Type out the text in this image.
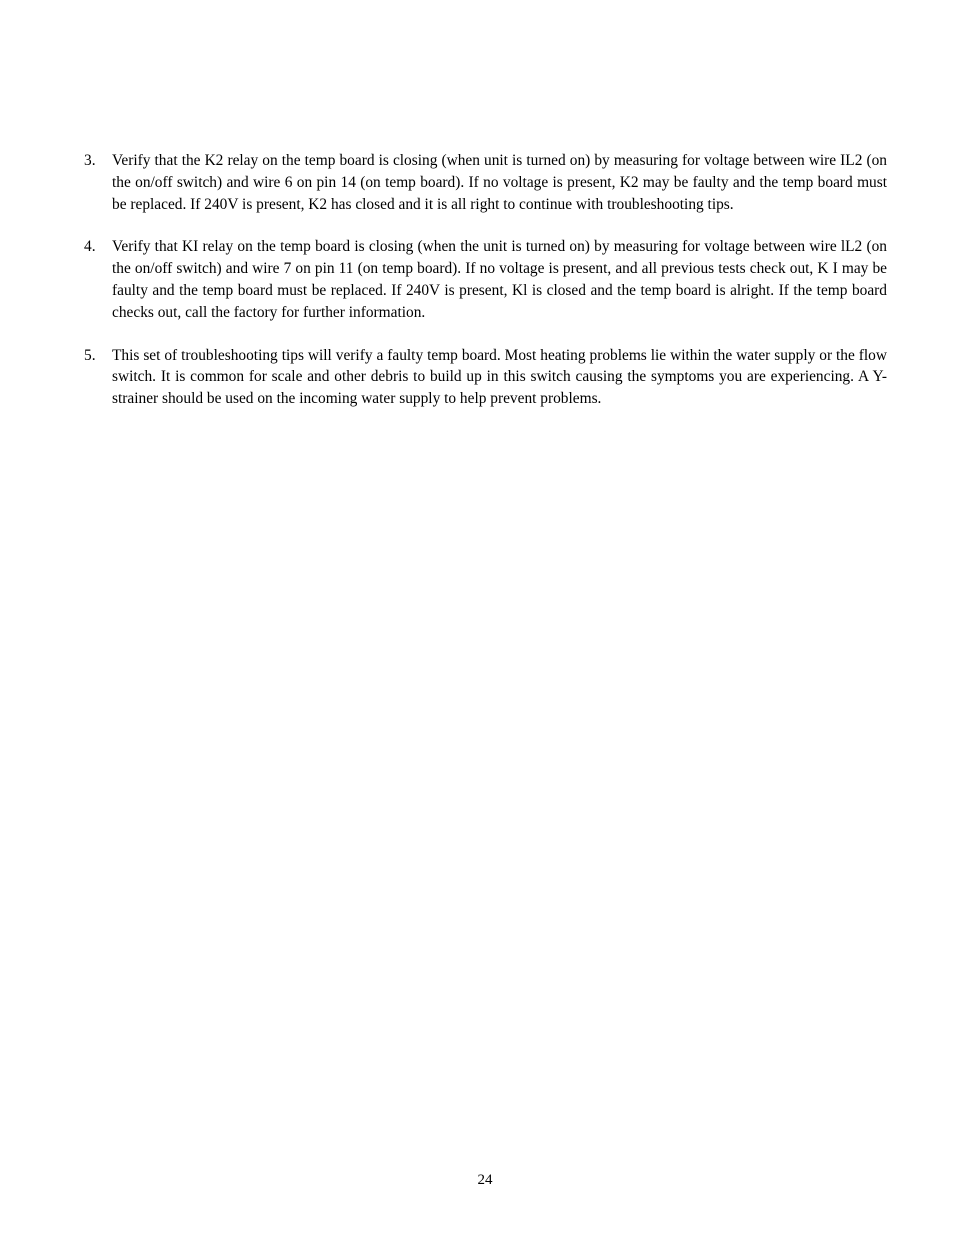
3. Verify that the K2 relay on the temp board is closing (when unit is turned on) by measuring for voltage between wire IL2 (on the on/off switch) and wire 6 on pin 14 (on temp board). If no voltage is present, K2 may be faulty and the temp board must be replaced. If 240V is present, K2 has closed and it is all right to continue with troubleshooting tips.
4. Verify that KI relay on the temp board is closing (when the unit is turned on) by measuring for voltage between wire lL2 (on the on/off switch) and wire 7 on pin 11 (on temp board). If no voltage is present, and all previous tests check out, K I may be faulty and the temp board must be replaced. If 240V is present, Kl is closed and the temp board is alright. If the temp board checks out, call the factory for further information.
5. This set of troubleshooting tips will verify a faulty temp board. Most heating problems lie within the water supply or the flow switch. It is common for scale and other debris to build up in this switch causing the symptoms you are experiencing. A Y-strainer should be used on the incoming water supply to help prevent problems.
24
